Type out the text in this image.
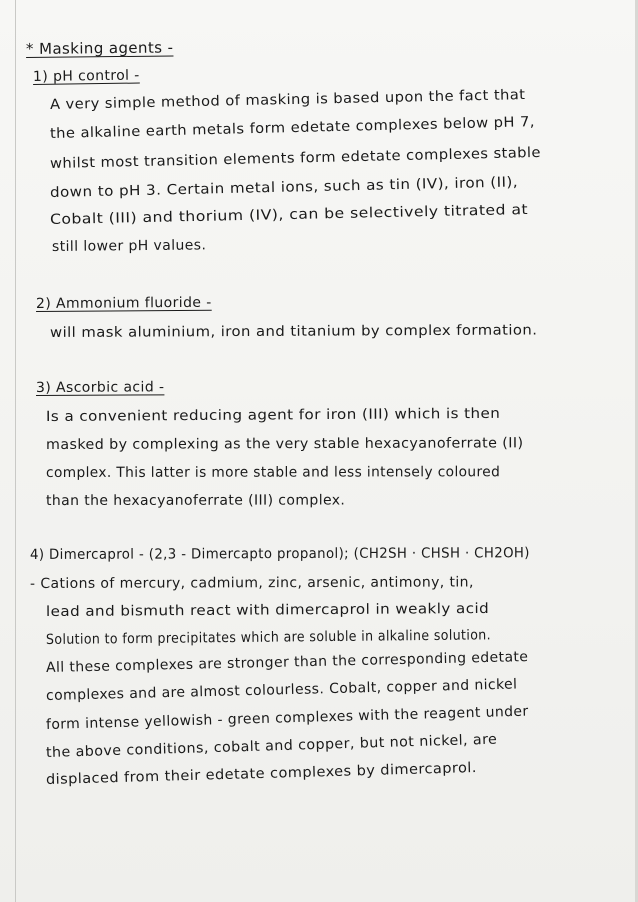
* Masking agents -
1) pH control -
A very simple method of masking is based upon the fact that
the alkaline earth metals form edetate complexes below pH 7,
whilst most transition elements form edetate complexes stable
down to pH 3. Certain metal ions, such as tin (IV), iron (II),
Cobalt (III) and thorium (IV), can be selectively titrated at
still lower pH values.
2) Ammonium fluoride -
will mask aluminium, iron and titanium by complex formation.
3) Ascorbic acid -
Is a convenient reducing agent for iron (III) which is then
masked by complexing as the very stable hexacyanoferrate (II)
complex. This latter is more stable and less intensely coloured
than the hexacyanoferrate (III) complex.
4) Dimercaprol - (2,3 - Dimercapto propanol); (CH2SH · CHSH · CH2OH)
- Cations of mercury, cadmium, zinc, arsenic, antimony, tin,
lead and bismuth react with dimercaprol in weakly acid
Solution to form precipitates which are soluble in alkaline solution.
All these complexes are stronger than the corresponding edetate
complexes and are almost colourless. Cobalt, copper and nickel
form intense yellowish - green complexes with the reagent under
the above conditions, cobalt and copper, but not nickel, are
displaced from their edetate complexes by dimercaprol.
